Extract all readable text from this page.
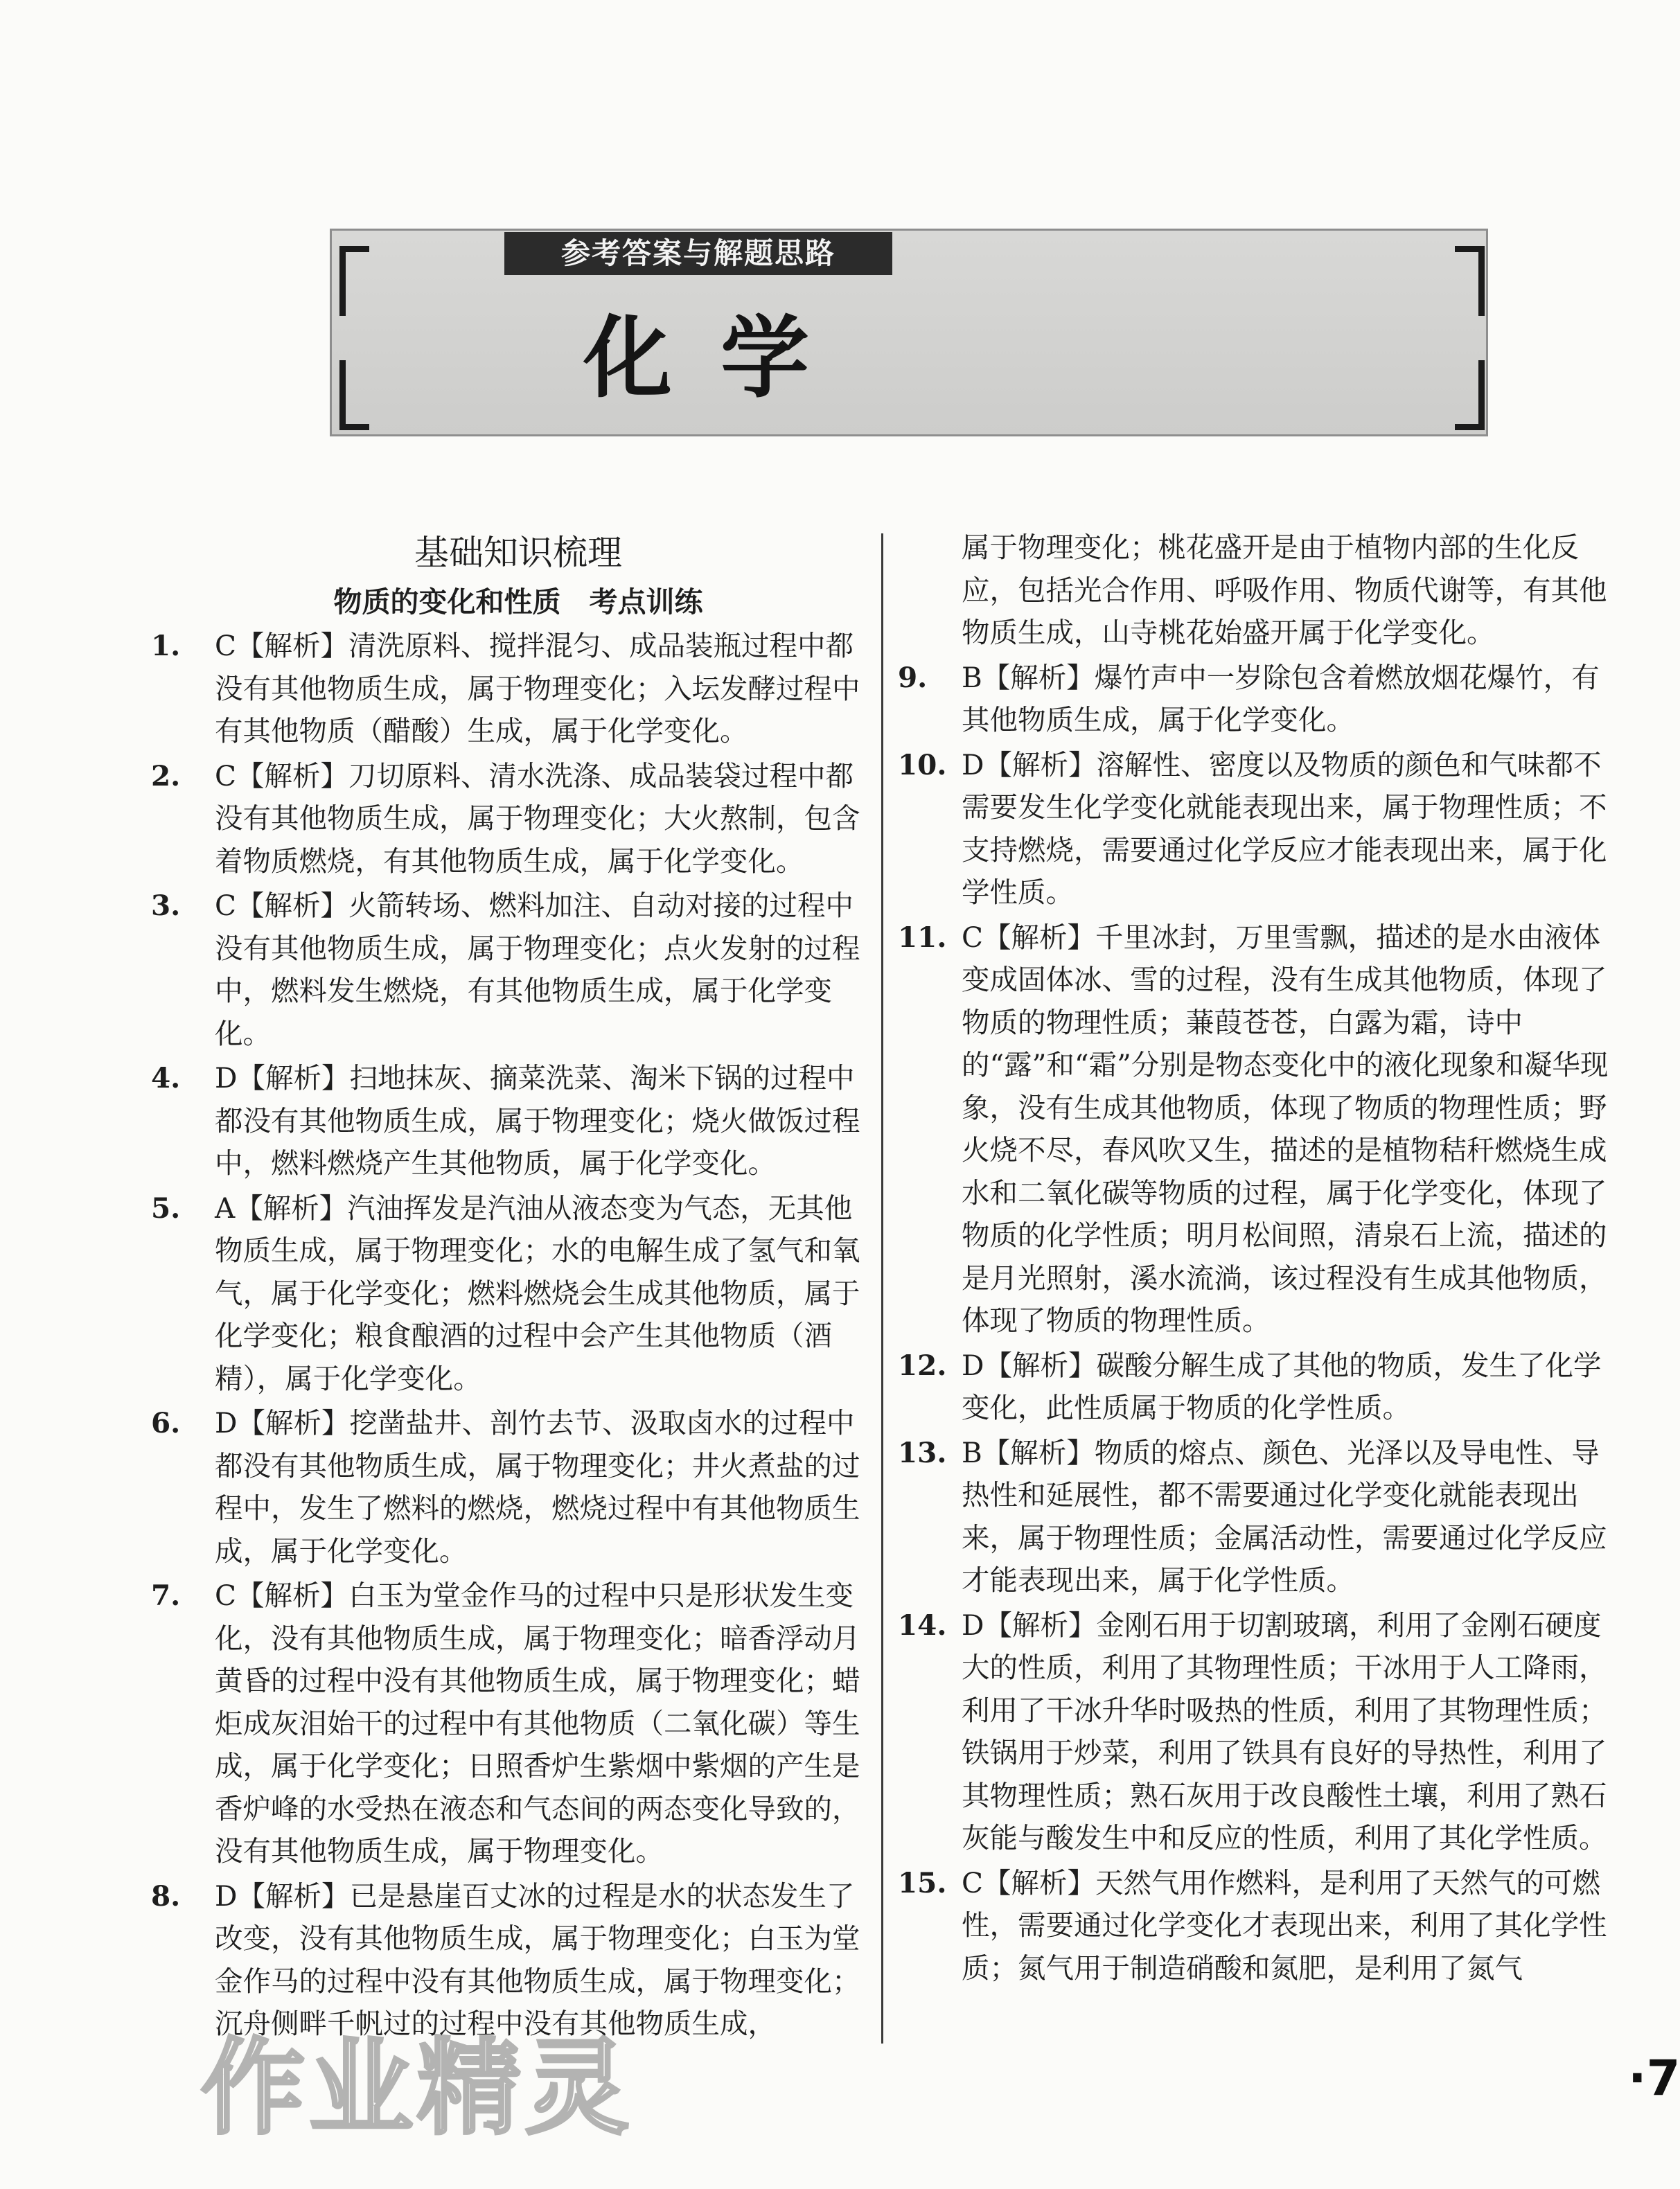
参考答案与解题思路
化学
基础知识梳理
物质的变化和性质　考点训练
1.	C【解析】清洗原料、搅拌混匀、成品装瓶过程中都没有其他物质生成，属于物理变化；入坛发酵过程中有其他物质（醋酸）生成，属于化学变化。
2.	C【解析】刀切原料、清水洗涤、成品装袋过程中都没有其他物质生成，属于物理变化；大火熬制，包含着物质燃烧，有其他物质生成，属于化学变化。
3.	C【解析】火箭转场、燃料加注、自动对接的过程中没有其他物质生成，属于物理变化；点火发射的过程中，燃料发生燃烧，有其他物质生成，属于化学变化。
4.	D【解析】扫地抹灰、摘菜洗菜、淘米下锅的过程中都没有其他物质生成，属于物理变化；烧火做饭过程中，燃料燃烧产生其他物质，属于化学变化。
5.	A【解析】汽油挥发是汽油从液态变为气态，无其他物质生成，属于物理变化；水的电解生成了氢气和氧气，属于化学变化；燃料燃烧会生成其他物质，属于化学变化；粮食酿酒的过程中会产生其他物质（酒精），属于化学变化。
6.	D【解析】挖凿盐井、剖竹去节、汲取卤水的过程中都没有其他物质生成，属于物理变化；井火煮盐的过程中，发生了燃料的燃烧，燃烧过程中有其他物质生成，属于化学变化。
7.	C【解析】白玉为堂金作马的过程中只是形状发生变化，没有其他物质生成，属于物理变化；暗香浮动月黄昏的过程中没有其他物质生成，属于物理变化；蜡炬成灰泪始干的过程中有其他物质（二氧化碳）等生成，属于化学变化；日照香炉生紫烟中紫烟的产生是香炉峰的水受热在液态和气态间的两态变化导致的，没有其他物质生成，属于物理变化。
8.	D【解析】已是悬崖百丈冰的过程是水的状态发生了改变，没有其他物质生成，属于物理变化；白玉为堂金作马的过程中没有其他物质生成，属于物理变化；沉舟侧畔千帆过的过程中没有其他物质生成，
属于物理变化；桃花盛开是由于植物内部的生化反应，包括光合作用、呼吸作用、物质代谢等，有其他物质生成，山寺桃花始盛开属于化学变化。
9.	B【解析】爆竹声中一岁除包含着燃放烟花爆竹，有其他物质生成，属于化学变化。
10. D【解析】溶解性、密度以及物质的颜色和气味都不需要发生化学变化就能表现出来，属于物理性质；不支持燃烧，需要通过化学反应才能表现出来，属于化学性质。
11. C【解析】千里冰封，万里雪飘，描述的是水由液体变成固体冰、雪的过程，没有生成其他物质，体现了物质的物理性质；蒹葭苍苍，白露为霜，诗中的“露”和“霜”分别是物态变化中的液化现象和凝华现象，没有生成其他物质，体现了物质的物理性质；野火烧不尽，春风吹又生，描述的是植物秸秆燃烧生成水和二氧化碳等物质的过程，属于化学变化，体现了物质的化学性质；明月松间照，清泉石上流，描述的是月光照射，溪水流淌，该过程没有生成其他物质，体现了物质的物理性质。
12. D【解析】碳酸分解生成了其他的物质，发生了化学变化，此性质属于物质的化学性质。
13. B【解析】物质的熔点、颜色、光泽以及导电性、导热性和延展性，都不需要通过化学变化就能表现出来，属于物理性质；金属活动性，需要通过化学反应才能表现出来，属于化学性质。
14. D【解析】金刚石用于切割玻璃，利用了金刚石硬度大的性质，利用了其物理性质；干冰用于人工降雨，利用了干冰升华时吸热的性质，利用了其物理性质；铁锅用于炒菜，利用了铁具有良好的导热性，利用了其物理性质；熟石灰用于改良酸性土壤，利用了熟石灰能与酸发生中和反应的性质，利用了其化学性质。
15. C【解析】天然气用作燃料，是利用了天然气的可燃性，需要通过化学变化才表现出来，利用了其化学性质；氮气用于制造硝酸和氮肥，是利用了氮气
作业精灵	·7
